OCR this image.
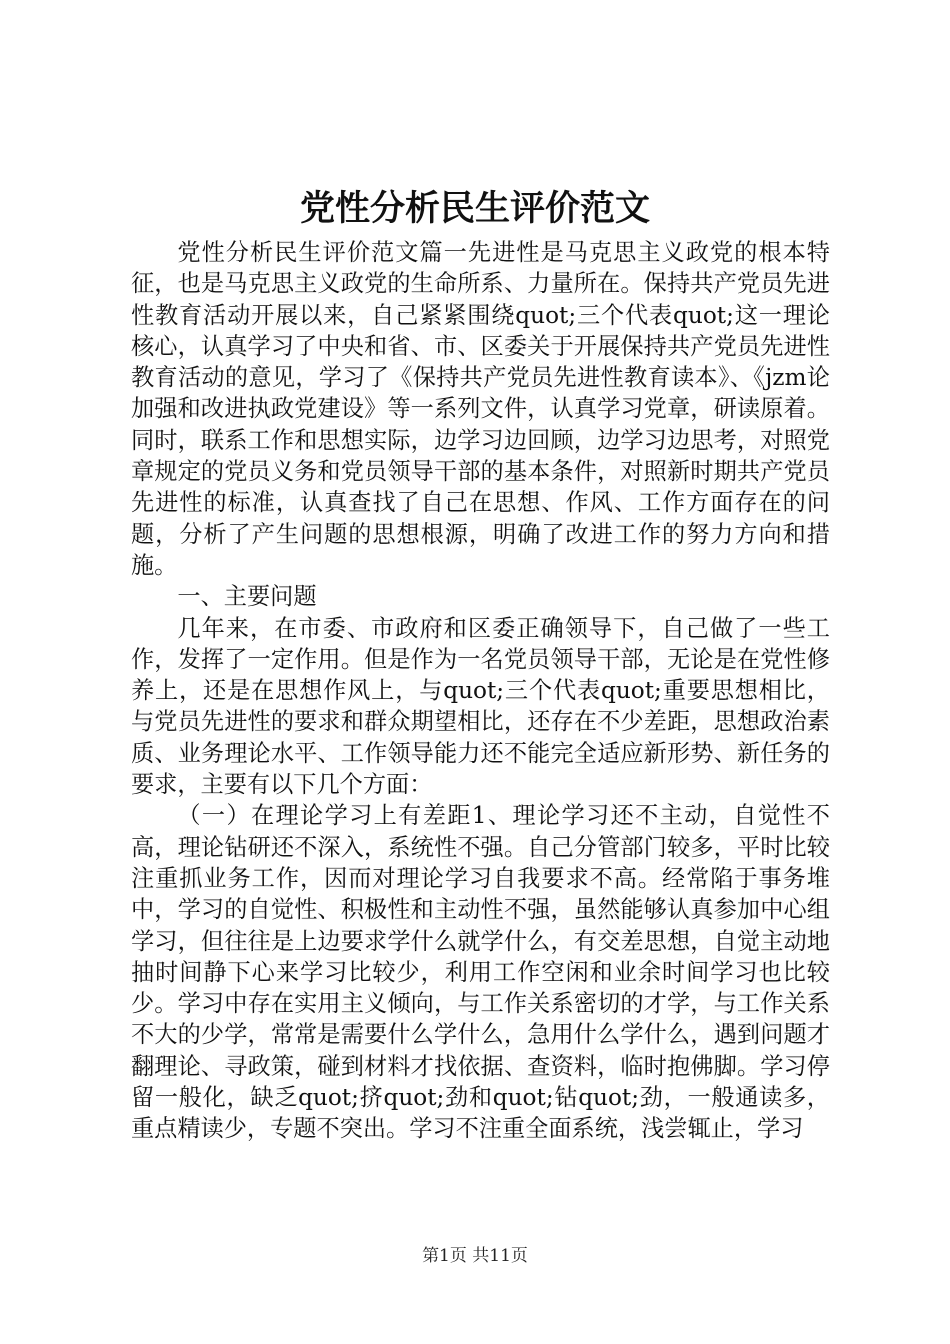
党性分析民生评价范文

党性分析民生评价范文篇一先进性是马克思主义政党的根本特征，也是马克思主义政党的生命所系、力量所在。保持共产党员先进性教育活动开展以来，自己紧紧围绕quot;三个代表quot;这一理论核心，认真学习了中央和省、市、区委关于开展保持共产党员先进性教育活动的意见，学习了《保持共产党员先进性教育读本》、《jzm论加强和改进执政党建设》等一系列文件，认真学习党章，研读原着。同时，联系工作和思想实际，边学习边回顾，边学习边思考，对照党章规定的党员义务和党员领导干部的基本条件，对照新时期共产党员先进性的标准，认真查找了自己在思想、作风、工作方面存在的问题，分析了产生问题的思想根源，明确了改进工作的努力方向和措施。

一、主要问题

几年来，在市委、市政府和区委正确领导下，自己做了一些工作，发挥了一定作用。但是作为一名党员领导干部，无论是在党性修养上，还是在思想作风上，与quot;三个代表quot;重要思想相比，与党员先进性的要求和群众期望相比，还存在不少差距，思想政治素质、业务理论水平、工作领导能力还不能完全适应新形势、新任务的要求，主要有以下几个方面：

（一）在理论学习上有差距1、理论学习还不主动，自觉性不高，理论钻研还不深入，系统性不强。自己分管部门较多，平时比较注重抓业务工作，因而对理论学习自我要求不高。经常陷于事务堆中，学习的自觉性、积极性和主动性不强，虽然能够认真参加中心组学习，但往往是上边要求学什么就学什么，有交差思想，自觉主动地抽时间静下心来学习比较少，利用工作空闲和业余时间学习也比较少。学习中存在实用主义倾向，与工作关系密切的才学，与工作关系不大的少学，常常是需要什么学什么，急用什么学什么，遇到问题才翻理论、寻政策，碰到材料才找依据、查资料，临时抱佛脚。学习停留一般化，缺乏quot;挤quot;劲和quot;钻quot;劲，一般通读多，重点精读少，专题不突出。学习不注重全面系统，浅尝辄止，学习

第1页 共11页
